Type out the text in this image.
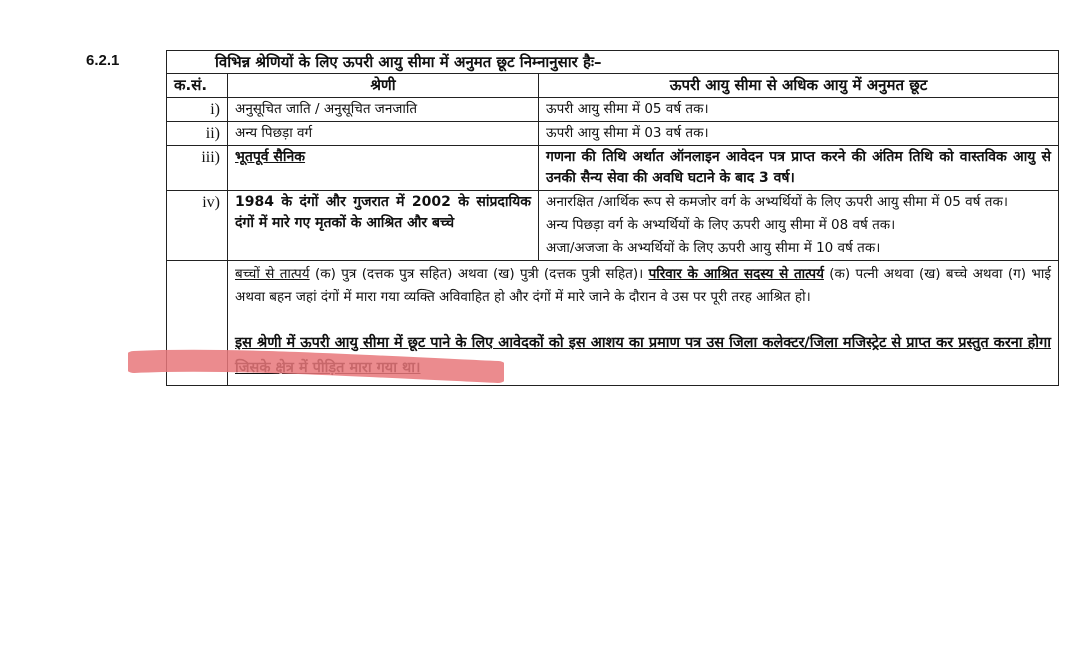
6.2.1	विभिन्न श्रेणियों के लिए ऊपरी आयु सीमा में अनुमत छूट निम्नानुसार हैः–		
क.सं.	श्रेणी	ऊपरी आयु सीमा से अधिक आयु में अनुमत छूट
i)	अनुसूचित जाति / अनुसूचित जनजाति	ऊपरी आयु सीमा में 05 वर्ष तक।
ii)	अन्य पिछड़ा वर्ग	ऊपरी आयु सीमा में 03 वर्ष तक।
iii)	भूतपूर्व सैनिक	गणना की तिथि अर्थात ऑनलाइन आवेदन पत्र प्राप्त करने की अंतिम तिथि को वास्तविक आयु से उनकी सैन्य सेवा की अवधि घटाने के बाद 3 वर्ष।
iv)	1984 के दंगों और गुजरात में 2002 के सांप्रदायिक दंगों में मारे गए मृतकों के आश्रित और बच्चे	अनारक्षित /आर्थिक रूप से कमजोर वर्ग के अभ्यर्थियों के लिए ऊपरी आयु सीमा में 05 वर्ष तक।
अन्य पिछड़ा वर्ग के अभ्यर्थियों के लिए ऊपरी आयु सीमा में 08 वर्ष तक।
अजा/अजजा के अभ्यर्थियों के लिए ऊपरी आयु सीमा में 10 वर्ष तक।

	बच्चों से तात्पर्य (क) पुत्र (दत्तक पुत्र सहित) अथवा (ख) पुत्री (दत्तक पुत्री सहित)। परिवार के आश्रित सदस्य से तात्पर्य (क) पत्नी अथवा (ख) बच्चे अथवा (ग) भाई अथवा बहन जहां दंगों में मारा गया व्यक्ति अविवाहित हो और दंगों में मारे जाने के दौरान वे उस पर पूरी तरह आश्रित हो।

इस श्रेणी में ऊपरी आयु सीमा में छूट पाने के लिए आवेदकों को इस आशय का प्रमाण पत्र उस जिला कलेक्टर/जिला मजिस्ट्रेट से प्राप्त कर प्रस्तुत करना होगा जिसके क्षेत्र में पीड़ित मारा गया था।	
